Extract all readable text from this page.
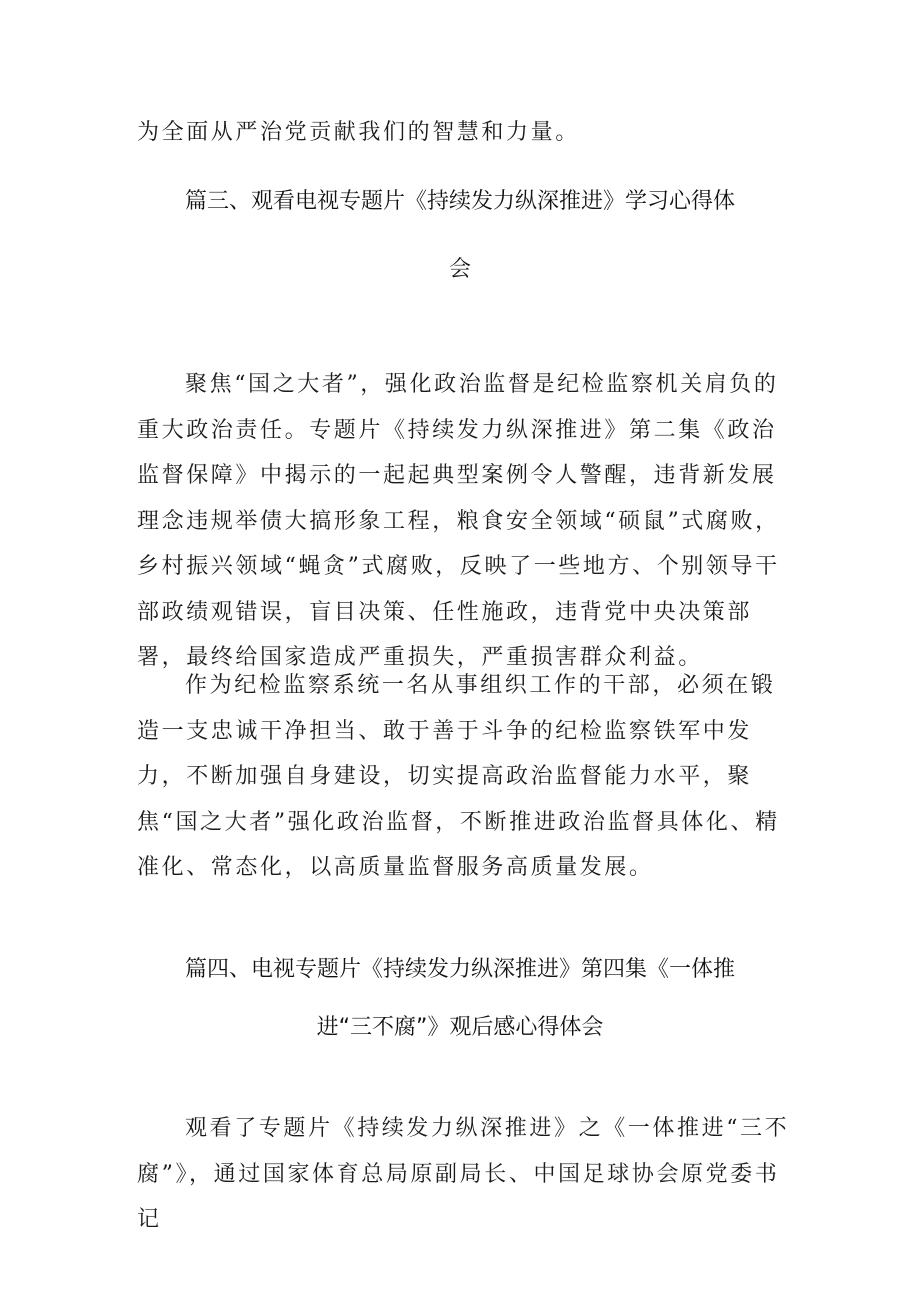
为全面从严治党贡献我们的智慧和力量。

篇三、观看电视专题片《持续发力纵深推进》学习心得体
会

聚焦“国之大者”，强化政治监督是纪检监察机关肩负的重大政治责任。专题片《持续发力纵深推进》第二集《政治监督保障》中揭示的一起起典型案例令人警醒，违背新发展理念违规举债大搞形象工程，粮食安全领域“硕鼠”式腐败，乡村振兴领域“蝇贪”式腐败，反映了一些地方、个别领导干部政绩观错误，盲目决策、任性施政，违背党中央决策部署，最终给国家造成严重损失，严重损害群众利益。

作为纪检监察系统一名从事组织工作的干部，必须在锻造一支忠诚干净担当、敢于善于斗争的纪检监察铁军中发力，不断加强自身建设，切实提高政治监督能力水平，聚焦“国之大者”强化政治监督，不断推进政治监督具体化、精准化、常态化，以高质量监督服务高质量发展。

篇四、电视专题片《持续发力纵深推进》第四集《一体推
进“三不腐”》观后感心得体会

观看了专题片《持续发力纵深推进》之《一体推进“三不腐”》，通过国家体育总局原副局长、中国足球协会原党委书记
